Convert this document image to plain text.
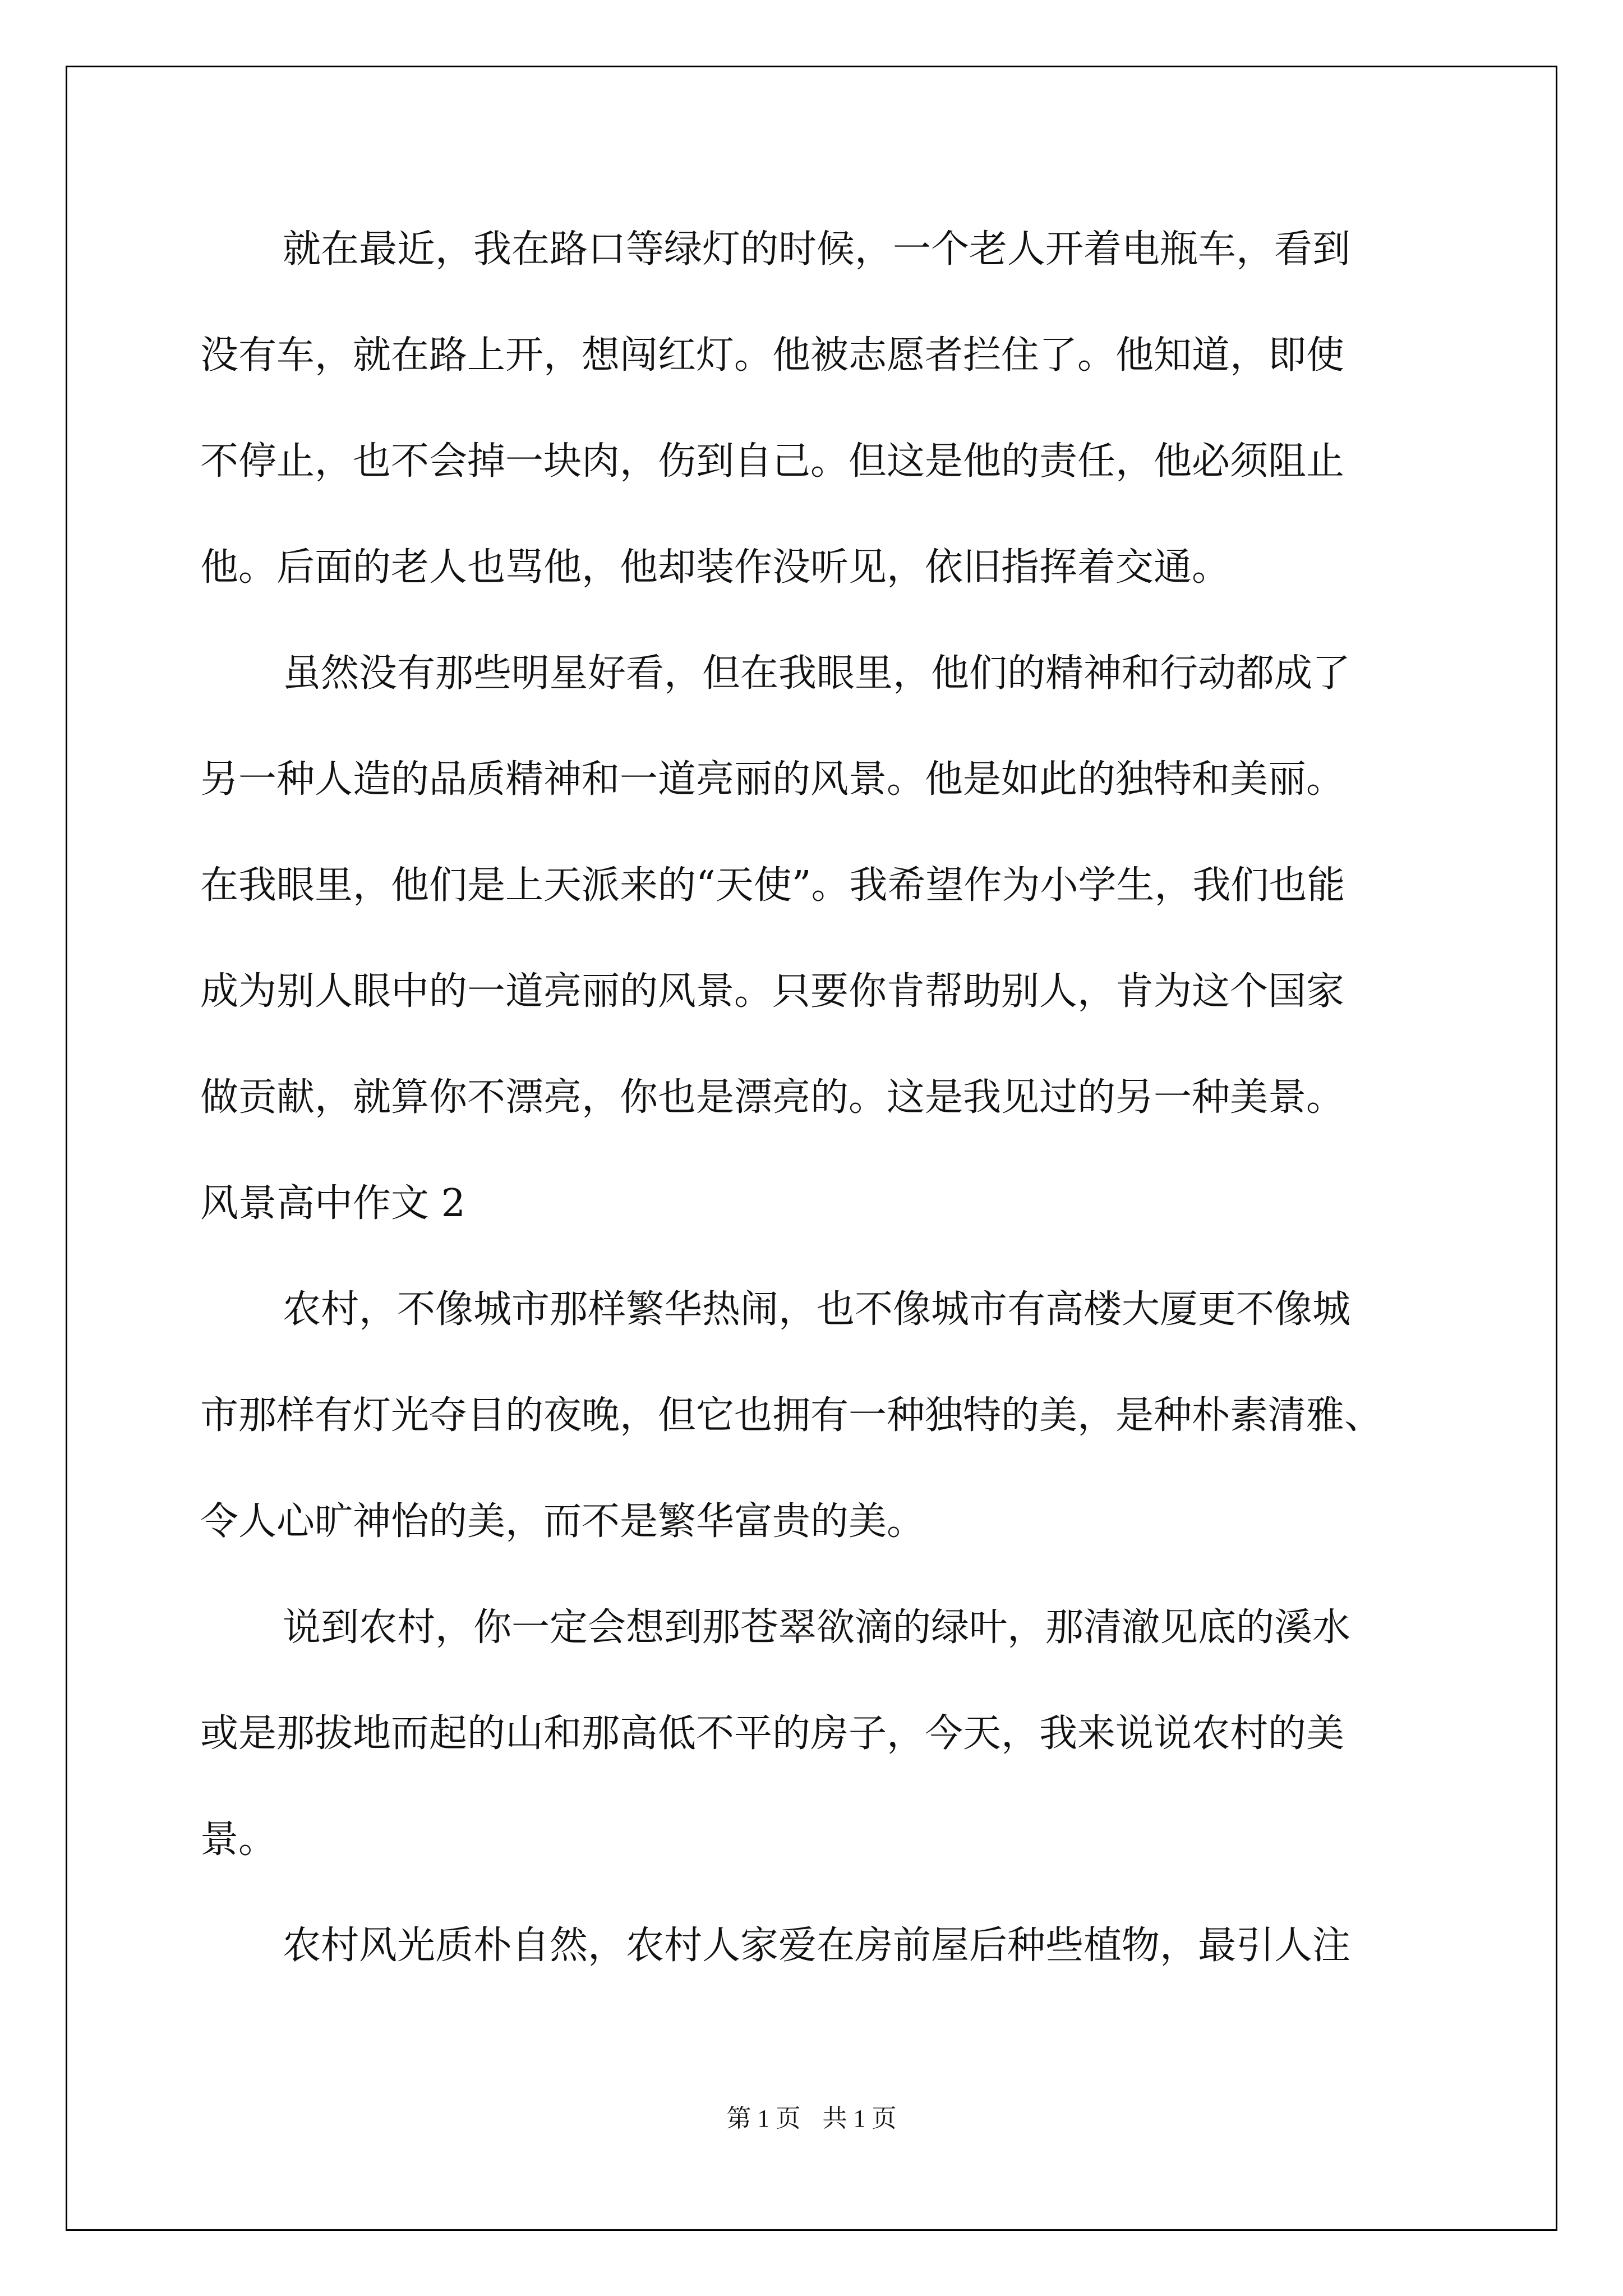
就在最近，我在路口等绿灯的时候，一个老人开着电瓶车，看到
没有车，就在路上开，想闯红灯。他被志愿者拦住了。他知道，即使
不停止，也不会掉一块肉，伤到自己。但这是他的责任，他必须阻止
他。后面的老人也骂他，他却装作没听见，依旧指挥着交通。
虽然没有那些明星好看，但在我眼里，他们的精神和行动都成了
另一种人造的品质精神和一道亮丽的风景。他是如此的独特和美丽。
在我眼里，他们是上天派来的“天使”。我希望作为小学生，我们也能
成为别人眼中的一道亮丽的风景。只要你肯帮助别人，肯为这个国家
做贡献，就算你不漂亮，你也是漂亮的。这是我见过的另一种美景。
风景高中作文 2
农村，不像城市那样繁华热闹，也不像城市有高楼大厦更不像城
市那样有灯光夺目的夜晚，但它也拥有一种独特的美，是种朴素清雅、
令人心旷神怡的美，而不是繁华富贵的美。
说到农村，你一定会想到那苍翠欲滴的绿叶，那清澈见底的溪水
或是那拔地而起的山和那高低不平的房子，今天，我来说说农村的美
景。
农村风光质朴自然，农村人家爱在房前屋后种些植物，最引人注
第 1 页 共 1 页
